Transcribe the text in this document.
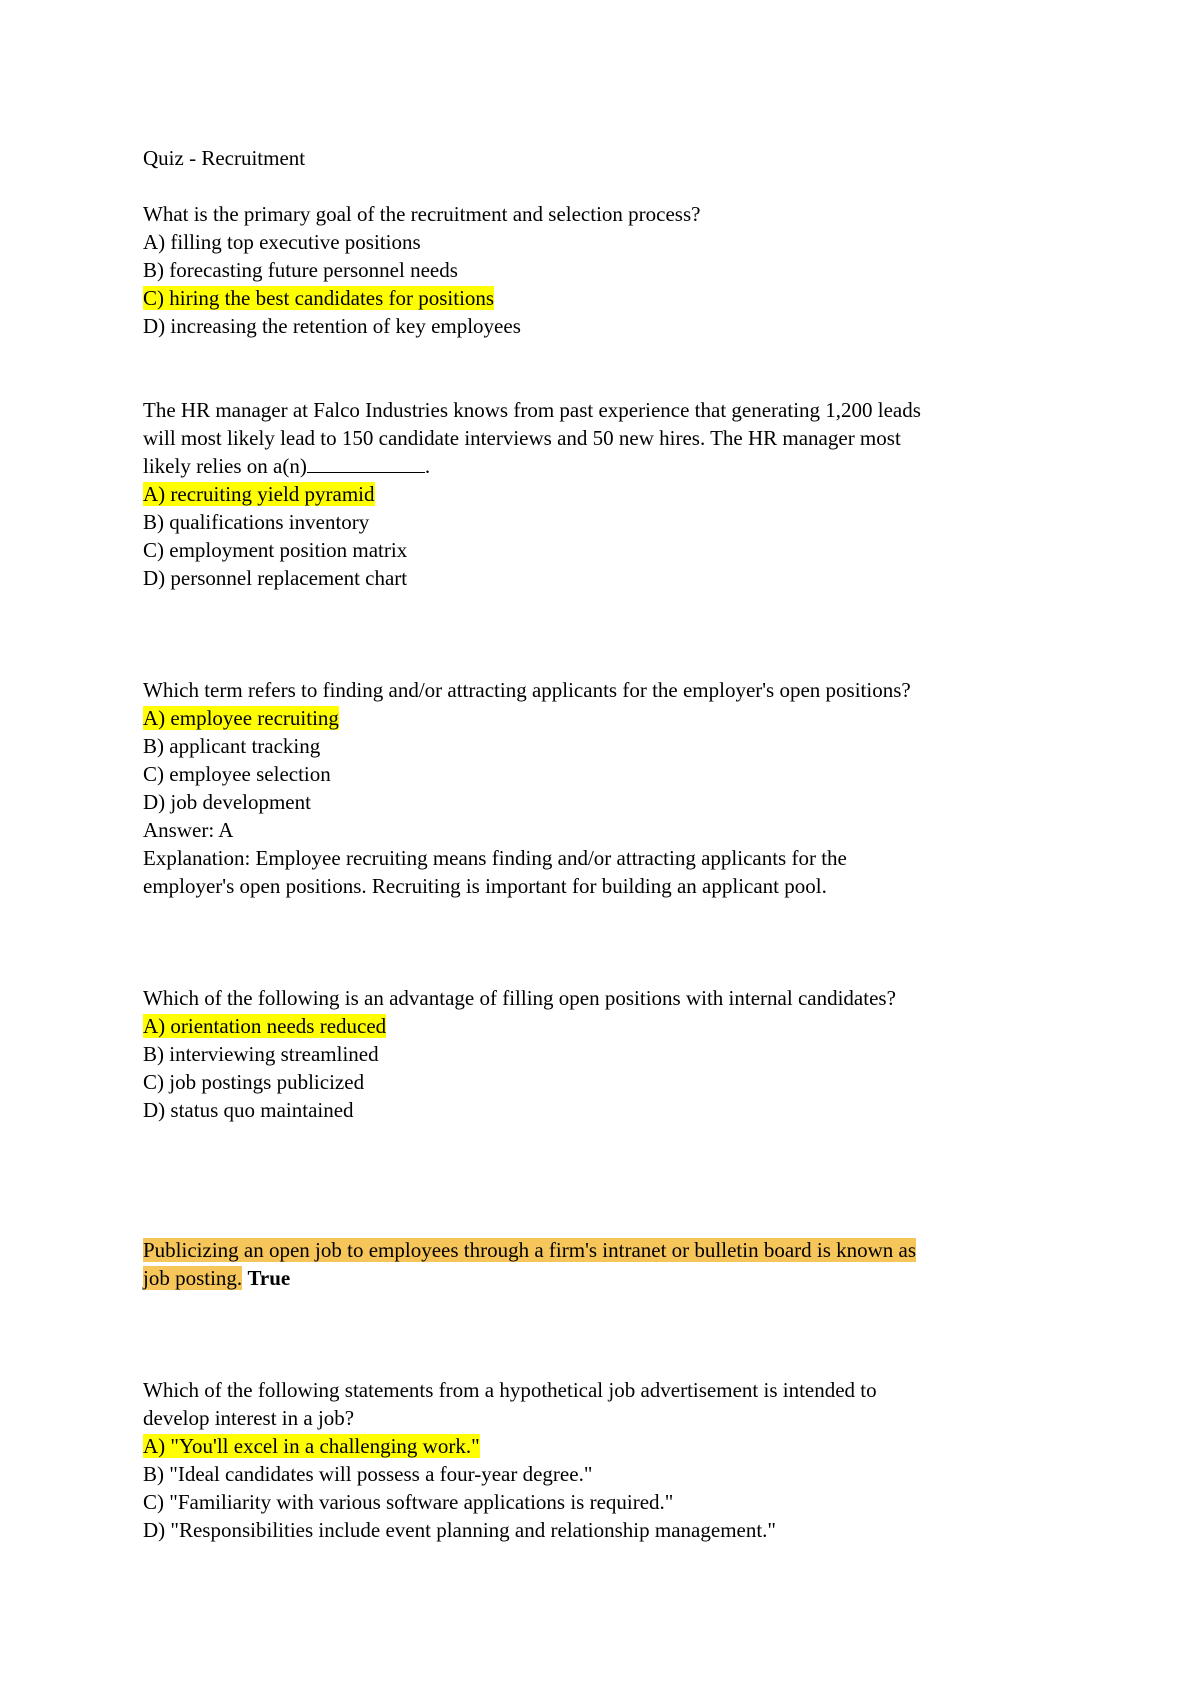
Quiz - Recruitment
What is the primary goal of the recruitment and selection process?
A) filling top executive positions
B) forecasting future personnel needs
C) hiring the best candidates for positions
D) increasing the retention of key employees
The HR manager at Falco Industries knows from past experience that generating 1,200 leads
will most likely lead to 150 candidate interviews and 50 new hires. The HR manager most
likely relies on a(n)	.
A) recruiting yield pyramid
B) qualifications inventory
C) employment position matrix
D) personnel replacement chart
Which term refers to finding and/or attracting applicants for the employer's open positions?
A) employee recruiting
B) applicant tracking
C) employee selection
D) job development
Answer: A
Explanation: Employee recruiting means finding and/or attracting applicants for the
employer's open positions. Recruiting is important for building an applicant pool.
Which of the following is an advantage of filling open positions with internal candidates?
A) orientation needs reduced
B) interviewing streamlined
C) job postings publicized
D) status quo maintained
Publicizing an open job to employees through a firm's intranet or bulletin board is known as
job posting. True
Which of the following statements from a hypothetical job advertisement is intended to
develop interest in a job?
A) "You'll excel in a challenging work."
B) "Ideal candidates will possess a four-year degree."
C) "Familiarity with various software applications is required."
D) "Responsibilities include event planning and relationship management."
